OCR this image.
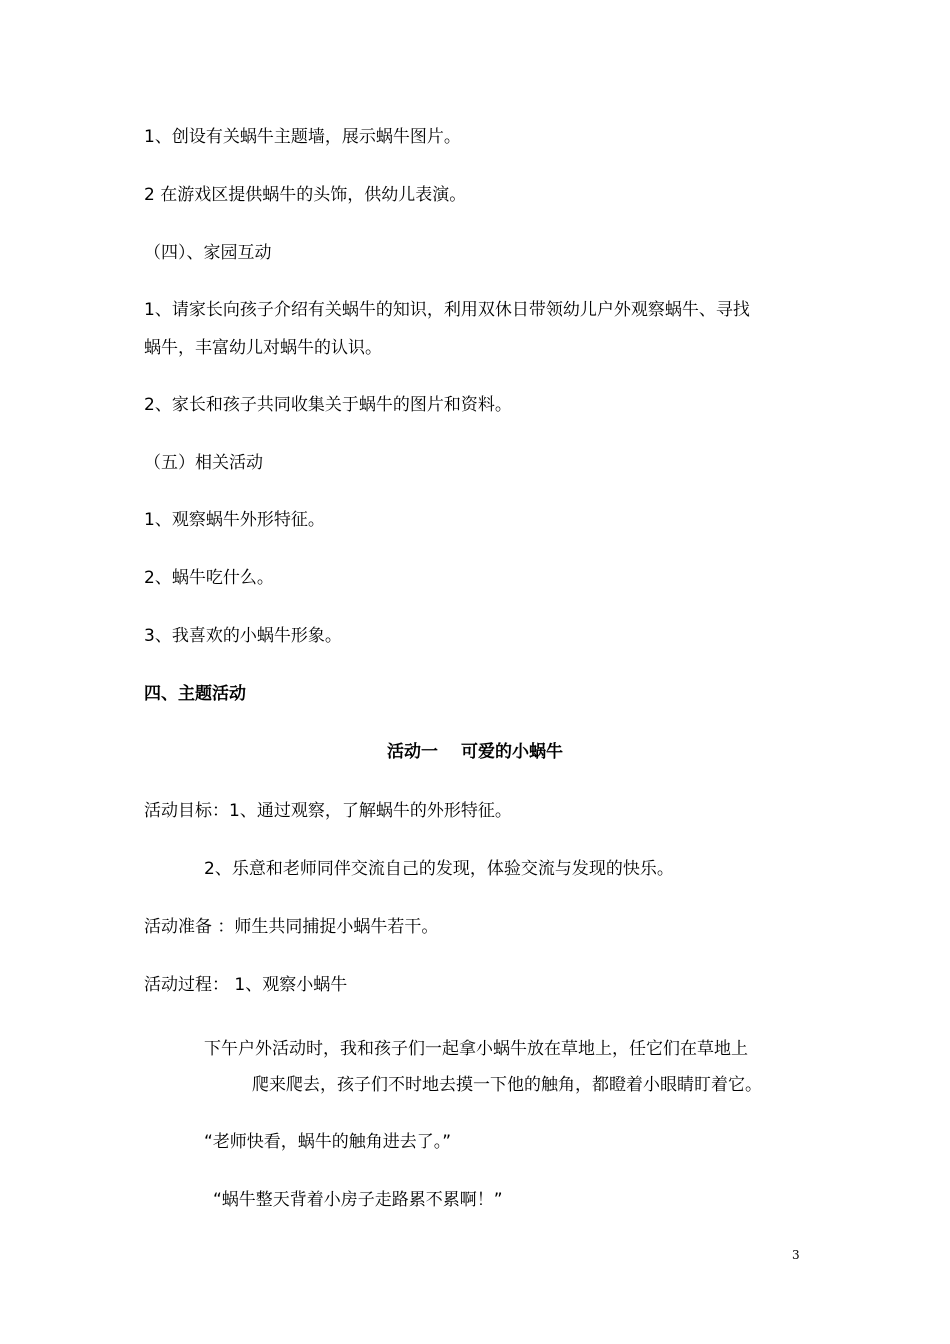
1、创设有关蜗牛主题墙，展示蜗牛图片。
2 在游戏区提供蜗牛的头饰，供幼儿表演。
（四）、家园互动
1、请家长向孩子介绍有关蜗牛的知识，利用双休日带领幼儿户外观察蜗牛、寻找
蜗牛，丰富幼儿对蜗牛的认识。
2、家长和孩子共同收集关于蜗牛的图片和资料。
（五）相关活动
1、观察蜗牛外形特征。
2、蜗牛吃什么。
3、我喜欢的小蜗牛形象。
四、主题活动
活动一　 可爱的小蜗牛
活动目标：1、通过观察，了解蜗牛的外形特征。
2、乐意和老师同伴交流自己的发现，体验交流与发现的快乐。
活动准备 ：师生共同捕捉小蜗牛若干。
活动过程： 1、观察小蜗牛
下午户外活动时，我和孩子们一起拿小蜗牛放在草地上，任它们在草地上
爬来爬去，孩子们不时地去摸一下他的触角，都瞪着小眼睛盯着它。
“老师快看，蜗牛的触角进去了。”
“蜗牛整天背着小房子走路累不累啊！”
3
